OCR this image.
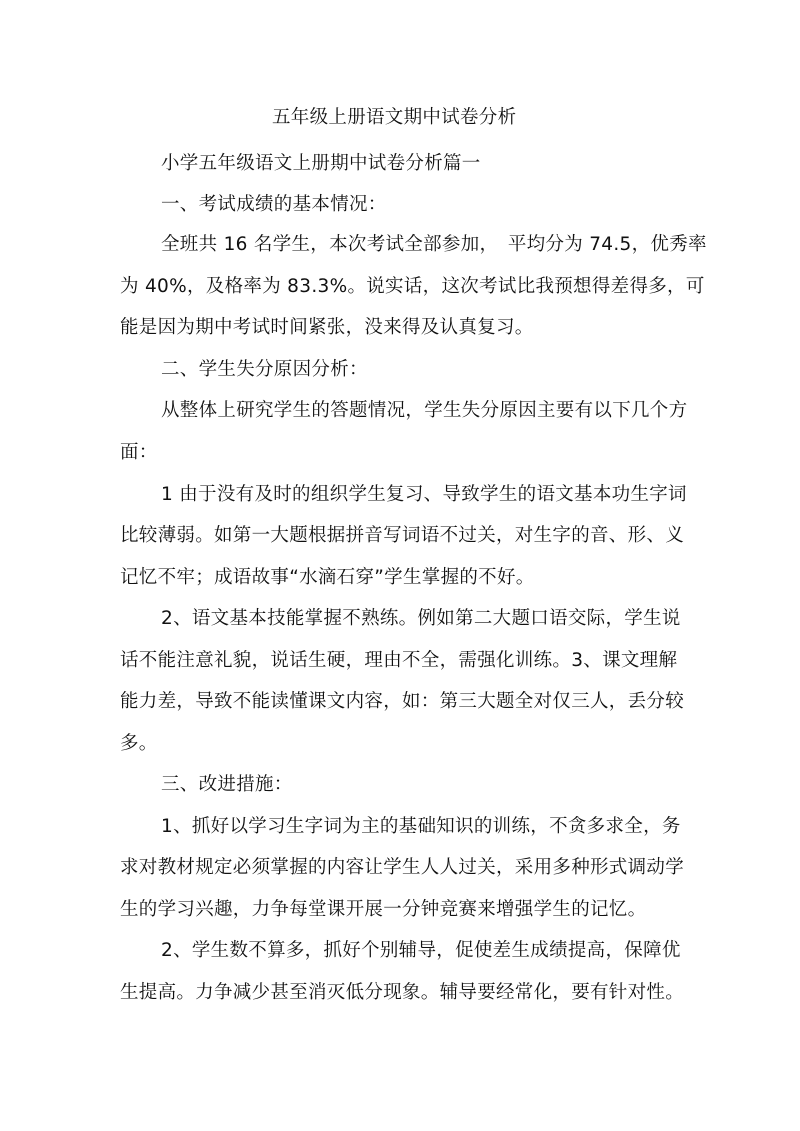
五年级上册语文期中试卷分析
小学五年级语文上册期中试卷分析篇一
一、考试成绩的基本情况：
全班共 16 名学生，本次考试全部参加，　平均分为 74.5，优秀率
为 40%，及格率为 83.3%。说实话，这次考试比我预想得差得多，可
能是因为期中考试时间紧张，没来得及认真复习。
二、学生失分原因分析：
从整体上研究学生的答题情况，学生失分原因主要有以下几个方
面：
1 由于没有及时的组织学生复习、导致学生的语文基本功生字词
比较薄弱。如第一大题根据拼音写词语不过关，对生字的音、形、义
记忆不牢；成语故事“水滴石穿”学生掌握的不好。
2、语文基本技能掌握不熟练。例如第二大题口语交际，学生说
话不能注意礼貌，说话生硬，理由不全，需强化训练。3、课文理解
能力差，导致不能读懂课文内容，如：第三大题全对仅三人，丢分较
多。
三、改进措施：
1、抓好以学习生字词为主的基础知识的训练，不贪多求全，务
求对教材规定必须掌握的内容让学生人人过关，采用多种形式调动学
生的学习兴趣，力争每堂课开展一分钟竞赛来增强学生的记忆。
2、学生数不算多，抓好个别辅导，促使差生成绩提高，保障优
生提高。力争减少甚至消灭低分现象。辅导要经常化，要有针对性。
